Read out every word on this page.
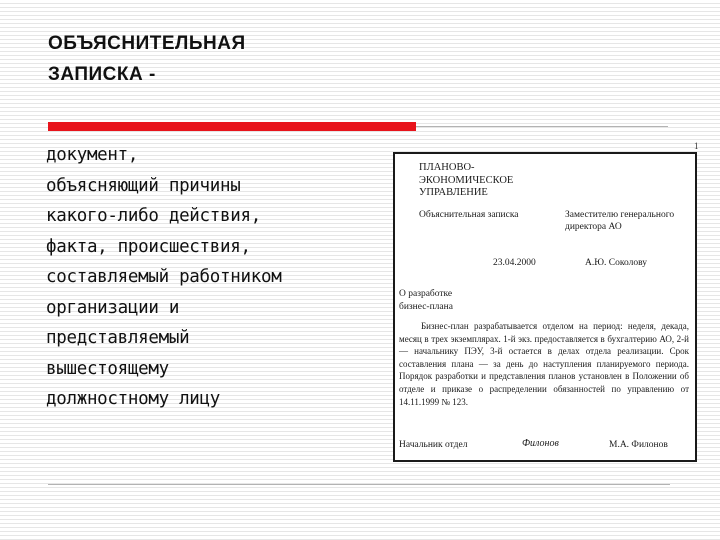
ОБЪЯСНИТЕЛЬНАЯ
ЗАПИСКА -
документ,
объясняющий причины
какого-либо действия,
факта, происшествия,
составляемый работником
организации и
представляемый
вышестоящему
должностному лицу
1
ПЛАНОВО-
ЭКОНОМИЧЕСКОЕ
УПРАВЛЕНИЕ
Объяснительная записка	Заместителю генерального
директора АО
23.04.2000	А.Ю. Соколову
О разработке
бизнес-плана
Бизнес-план разрабатывается отделом на период: неделя, декада, месяц в трех экземплярах. 1-й экз. предоставляется в бухгалтерию АО, 2-й — начальнику ПЭУ, 3-й остается в делах отдела реализации. Срок составления плана — за день до наступления планируемого периода. Порядок разработки и представления планов установлен в Положении об отделе и приказе о распределении обязанностей по управлению от 14.11.1999 № 123.
Начальник отдел	Филонов	М.А. Филонов
